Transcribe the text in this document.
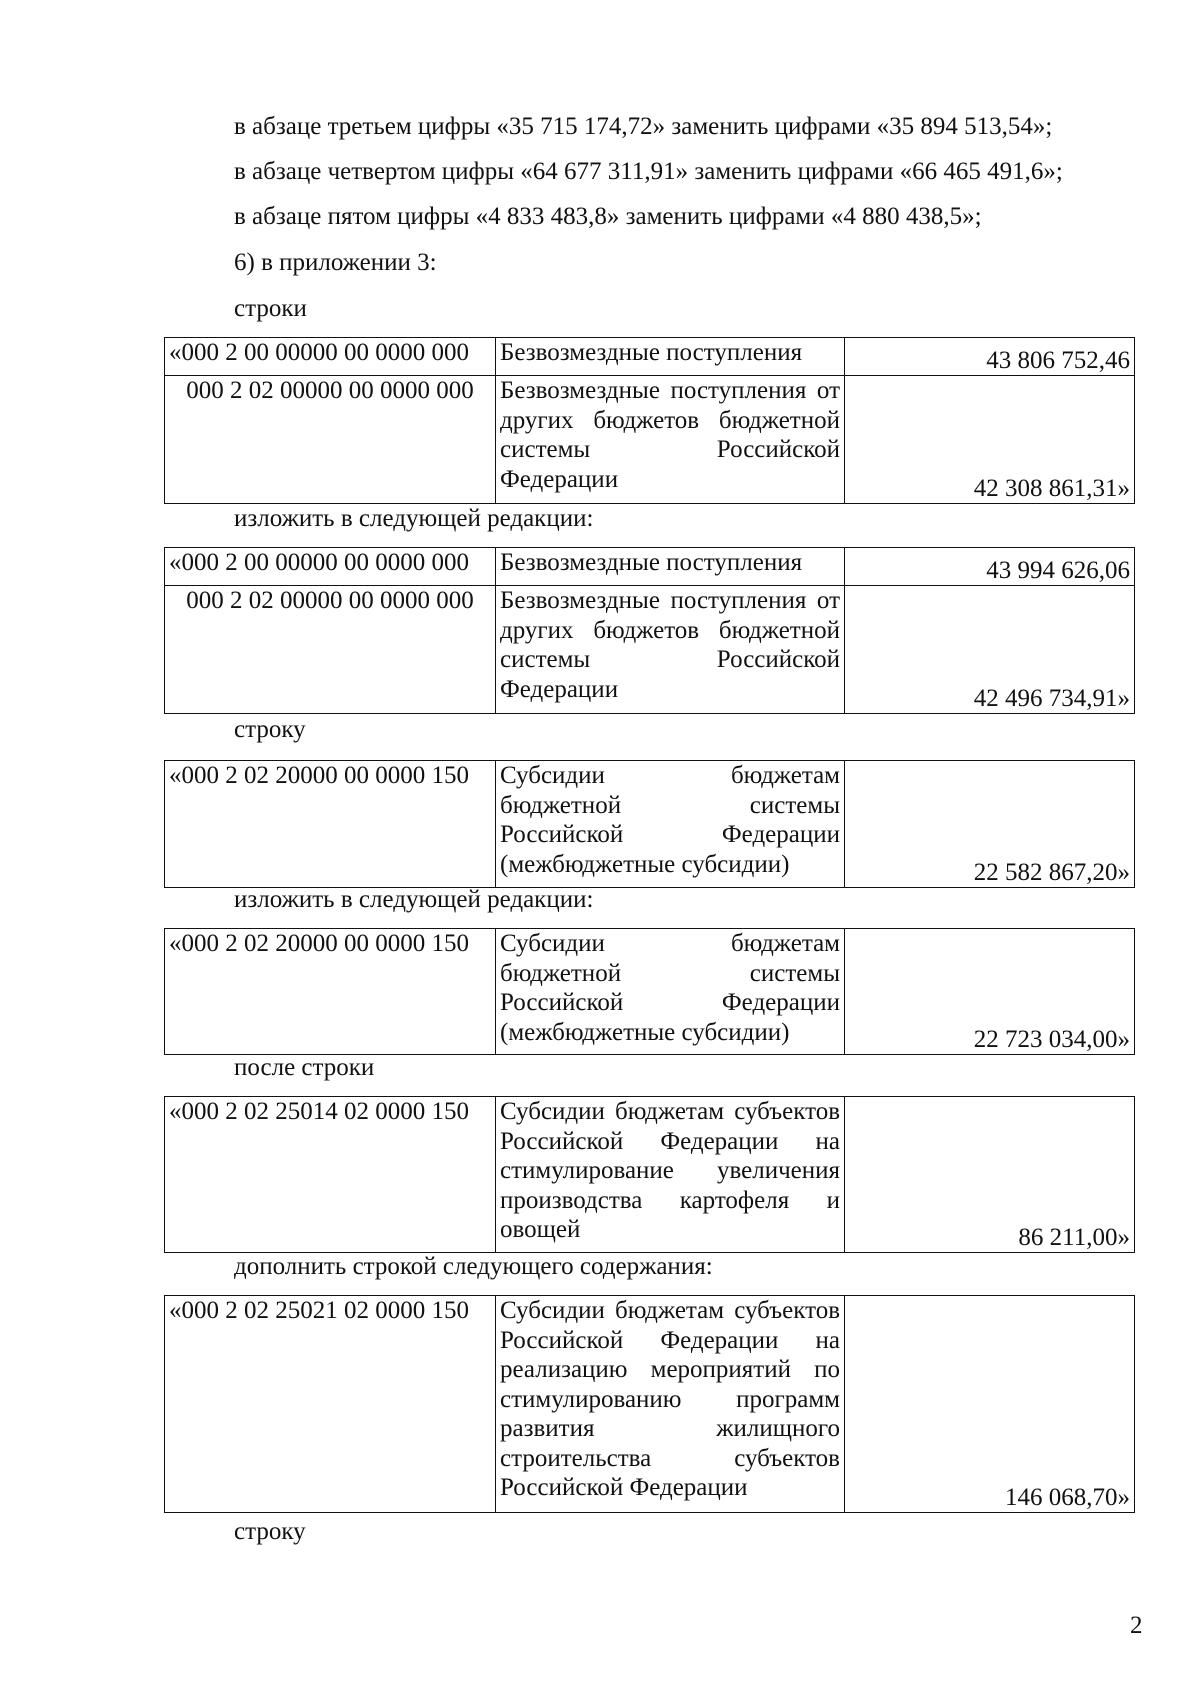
в абзаце третьем цифры «35 715 174,72» заменить цифрами «35 894 513,54»;
в абзаце четвертом цифры «64 677 311,91» заменить цифрами «66 465 491,6»;
в абзаце пятом цифры «4 833 483,8» заменить цифрами «4 880 438,5»;
6) в приложении 3:
строки
«000 2 00 00000 00 0000 000	Безвозмездные поступления	43 806 752,46
000 2 02 00000 00 0000 000	Безвозмездные поступления от других бюджетов бюджетной системы Российской Федерации	42 308 861,31»
изложить в следующей редакции:
«000 2 00 00000 00 0000 000	Безвозмездные поступления	43 994 626,06
000 2 02 00000 00 0000 000	Безвозмездные поступления от других бюджетов бюджетной системы Российской Федерации	42 496 734,91»
строку
«000 2 02 20000 00 0000 150	Субсидии бюджетам бюджетной системы Российской Федерации (межбюджетные субсидии)	22 582 867,20»
изложить в следующей редакции:
«000 2 02 20000 00 0000 150	Субсидии бюджетам бюджетной системы Российской Федерации (межбюджетные субсидии)	22 723 034,00»
после строки
«000 2 02 25014 02 0000 150	Субсидии бюджетам субъектов Российской Федерации на стимулирование увеличения производства картофеля и овощей	86 211,00»
дополнить строкой следующего содержания:
«000 2 02 25021 02 0000 150	Субсидии бюджетам субъектов Российской Федерации на реализацию мероприятий по стимулированию программ развития жилищного строительства субъектов Российской Федерации	146 068,70»
строку
2
